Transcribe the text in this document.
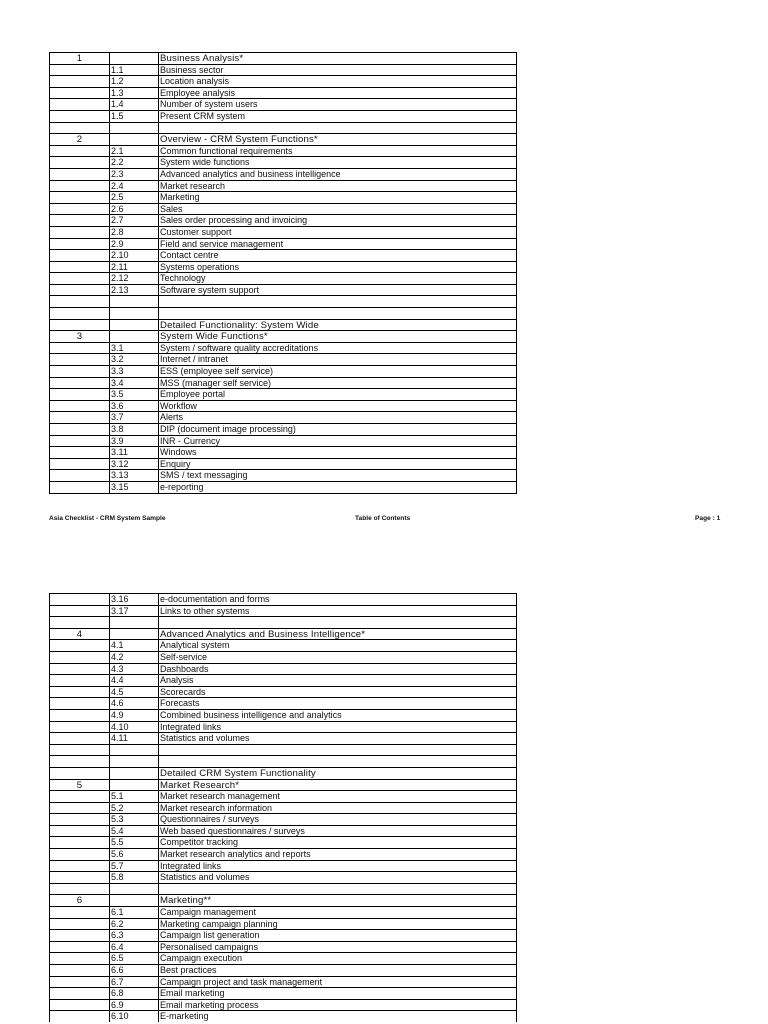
1	Business Analysis*
1.1	Business sector
1.2	Location analysis
1.3	Employee analysis
1.4	Number of system users
1.5	Present CRM system
2	Overview - CRM System Functions*
2.1	Common functional requirements
2.2	System wide functions
2.3	Advanced analytics and business intelligence
2.4	Market research
2.5	Marketing
2.6	Sales
2.7	Sales order processing and invoicing
2.8	Customer support
2.9	Field and service management
2.10	Contact centre
2.11	Systems operations
2.12	Technology
2.13	Software system support
Detailed Functionality: System Wide
3	System Wide Functions*
3.1	System / software quality accreditations
3.2	Internet / intranet
3.3	ESS (employee self service)
3.4	MSS (manager self service)
3.5	Employee portal
3.6	Workflow
3.7	Alerts
3.8	DIP (document image processing)
3.9	INR - Currency
3.11	Windows
3.12	Enquiry
3.13	SMS / text messaging
3.15	e-reporting
Asia Checklist - CRM System Sample	Table of Contents	Page : 1
3.16	e-documentation and forms
3.17	Links to other systems
4	Advanced Analytics and Business Intelligence*
4.1	Analytical system
4.2	Self-service
4.3	Dashboards
4.4	Analysis
4.5	Scorecards
4.6	Forecasts
4.9	Combined business intelligence and analytics
4.10	Integrated links
4.11	Statistics and volumes
Detailed CRM System Functionality
5	Market Research*
5.1	Market research management
5.2	Market research information
5.3	Questionnaires / surveys
5.4	Web based questionnaires / surveys
5.5	Competitor tracking
5.6	Market research analytics and reports
5.7	Integrated links
5.8	Statistics and volumes
6	Marketing**
6.1	Campaign management
6.2	Marketing campaign planning
6.3	Campaign list generation
6.4	Personalised campaigns
6.5	Campaign execution
6.6	Best practices
6.7	Campaign project and task management
6.8	Email marketing
6.9	Email marketing process
6.10	E-marketing
